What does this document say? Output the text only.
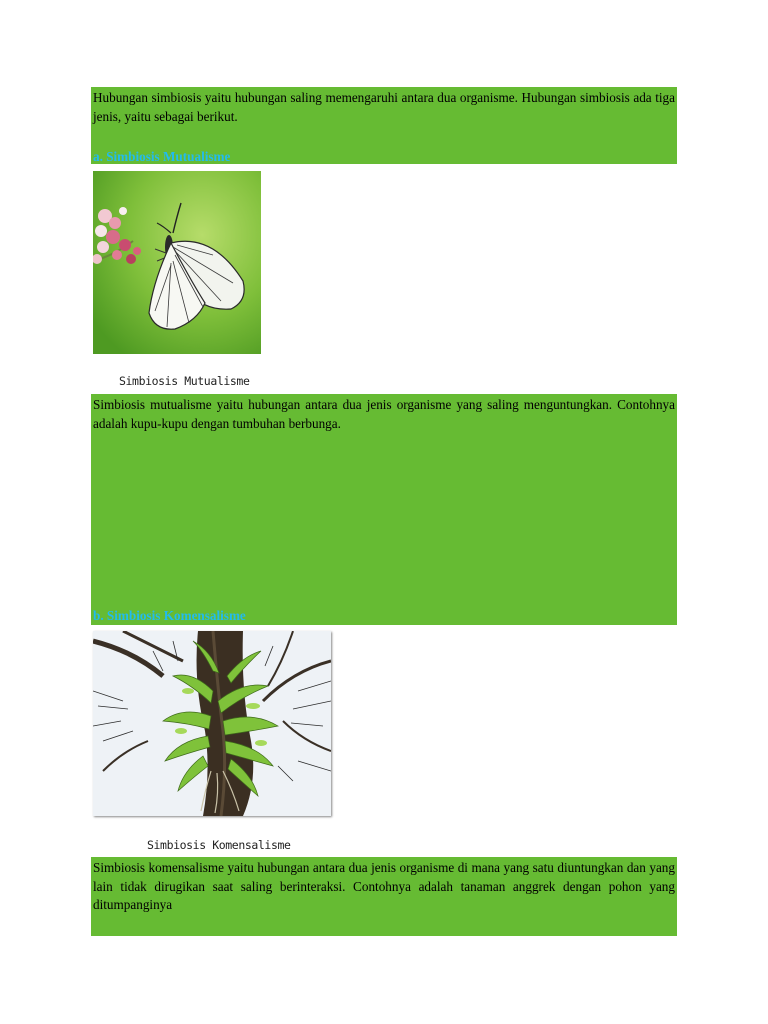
Hubungan simbiosis yaitu hubungan saling memengaruhi antara dua organisme. Hubungan simbiosis ada tiga jenis, yaitu sebagai berikut.

a. Simbiosis Mutualisme
Simbiosis Mutualisme

Simbiosis mutualisme yaitu hubungan antara dua jenis organisme yang saling menguntungkan. Contohnya adalah kupu-kupu dengan tumbuhan berbunga.

b. Simbiosis Komensalisme
Simbiosis Komensalisme

Simbiosis komensalisme yaitu hubungan antara dua jenis organisme di mana yang satu diuntungkan dan yang lain tidak dirugikan saat saling berinteraksi. Contohnya adalah tanaman anggrek dengan pohon yang ditumpanginya
